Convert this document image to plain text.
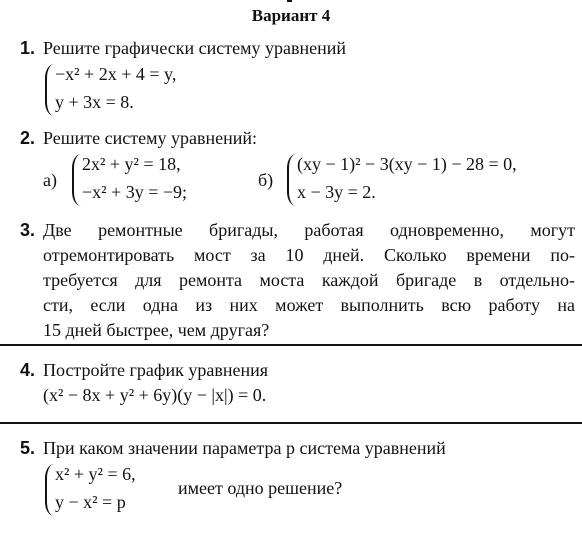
Вариант 4
1. Решите графически систему уравнений
−x² + 2x + 4 = y,
y + 3x = 8.
2. Решите систему уравнений:
а)
2x² + y² = 18,
−x² + 3y = −9;
б)
(xy − 1)² − 3(xy − 1) − 28 = 0,
x − 3y = 2.
3. Две ремонтные бригады, работая одновременно, могут
отремонтировать мост за 10 дней. Сколько времени по-
требуется для ремонта моста каждой бригаде в отдельно-
сти, если одна из них может выполнить всю работу на
15 дней быстрее, чем другая?
4. Постройте график уравнения
(x² − 8x + y² + 6y)(y − |x|) = 0.
5. При каком значении параметра p система уравнений
x² + y² = 6,
y − x² = p
имеет одно решение?
